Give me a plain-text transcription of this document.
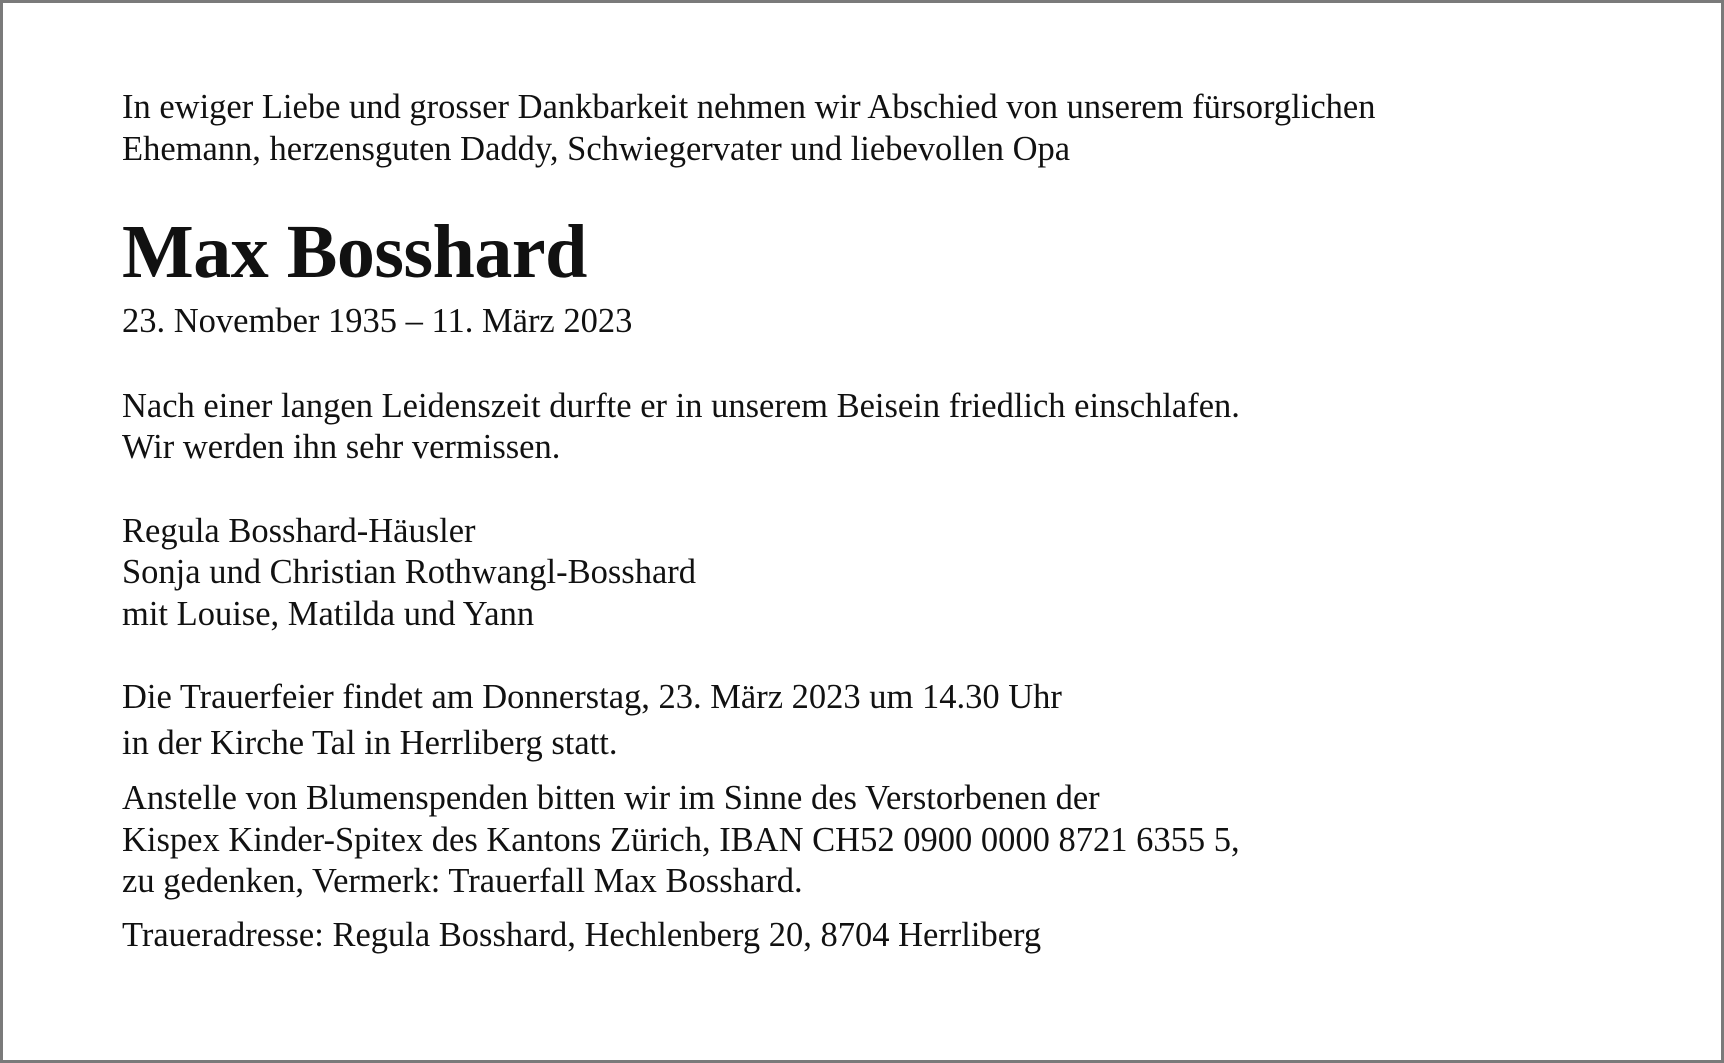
In ewiger Liebe und grosser Dankbarkeit nehmen wir Abschied von unserem fürsorglichen
Ehemann, herzensguten Daddy, Schwiegervater und liebevollen Opa
Max Bosshard
23. November 1935 – 11. März 2023
Nach einer langen Leidenszeit durfte er in unserem Beisein friedlich einschlafen.
Wir werden ihn sehr vermissen.
Regula Bosshard-Häusler
Sonja und Christian Rothwangl-Bosshard
mit Louise, Matilda und Yann
Die Trauerfeier findet am Donnerstag, 23. März 2023 um 14.30 Uhr
in der Kirche Tal in Herrliberg statt.
Anstelle von Blumenspenden bitten wir im Sinne des Verstorbenen der
Kispex Kinder-Spitex des Kantons Zürich, IBAN CH52 0900 0000 8721 6355 5,
zu gedenken, Vermerk: Trauerfall Max Bosshard.
Traueradresse: Regula Bosshard, Hechlenberg 20, 8704 Herrliberg
